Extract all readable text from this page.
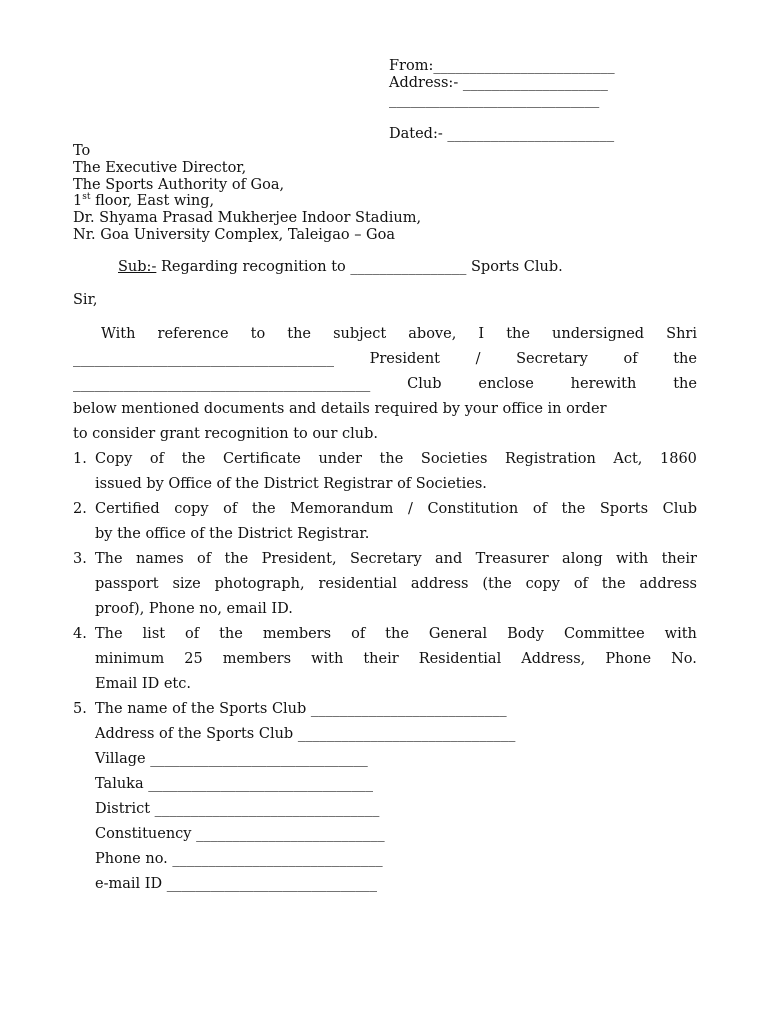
From:_________________________
Address:- ____________________
_____________________________
Dated:- _______________________
To
The Executive Director,
The Sports Authority of Goa,
1st floor, East wing,
Dr. Shyama Prasad Mukherjee Indoor Stadium,
Nr. Goa University Complex, Taleigao – Goa
Sub:- Regarding recognition to ________________ Sports Club.
Sir,
With reference to the subject above, I the undersigned Shri
____________________________________ President / Secretary of the
_________________________________________	Club	enclose	herewith	the
below mentioned documents and details required by your office in order
to consider grant recognition to our club.
1. Copy of the Certificate under the Societies Registration Act, 1860
issued by Office of the District Registrar of Societies.
2. Certified copy of the Memorandum / Constitution of the Sports Club
by the office of the District Registrar.
3. The names of the President, Secretary and Treasurer along with their
passport size photograph, residential address (the copy of the address
proof), Phone no, email ID.
4. The list of the members of the General Body Committee with
minimum 25 members with their Residential Address, Phone No.
Email ID etc.
5. The name of the Sports Club ___________________________
Address of the Sports Club ______________________________
Village ______________________________
Taluka _______________________________
District _______________________________
Constituency __________________________
Phone no. _____________________________
e-mail ID _____________________________
